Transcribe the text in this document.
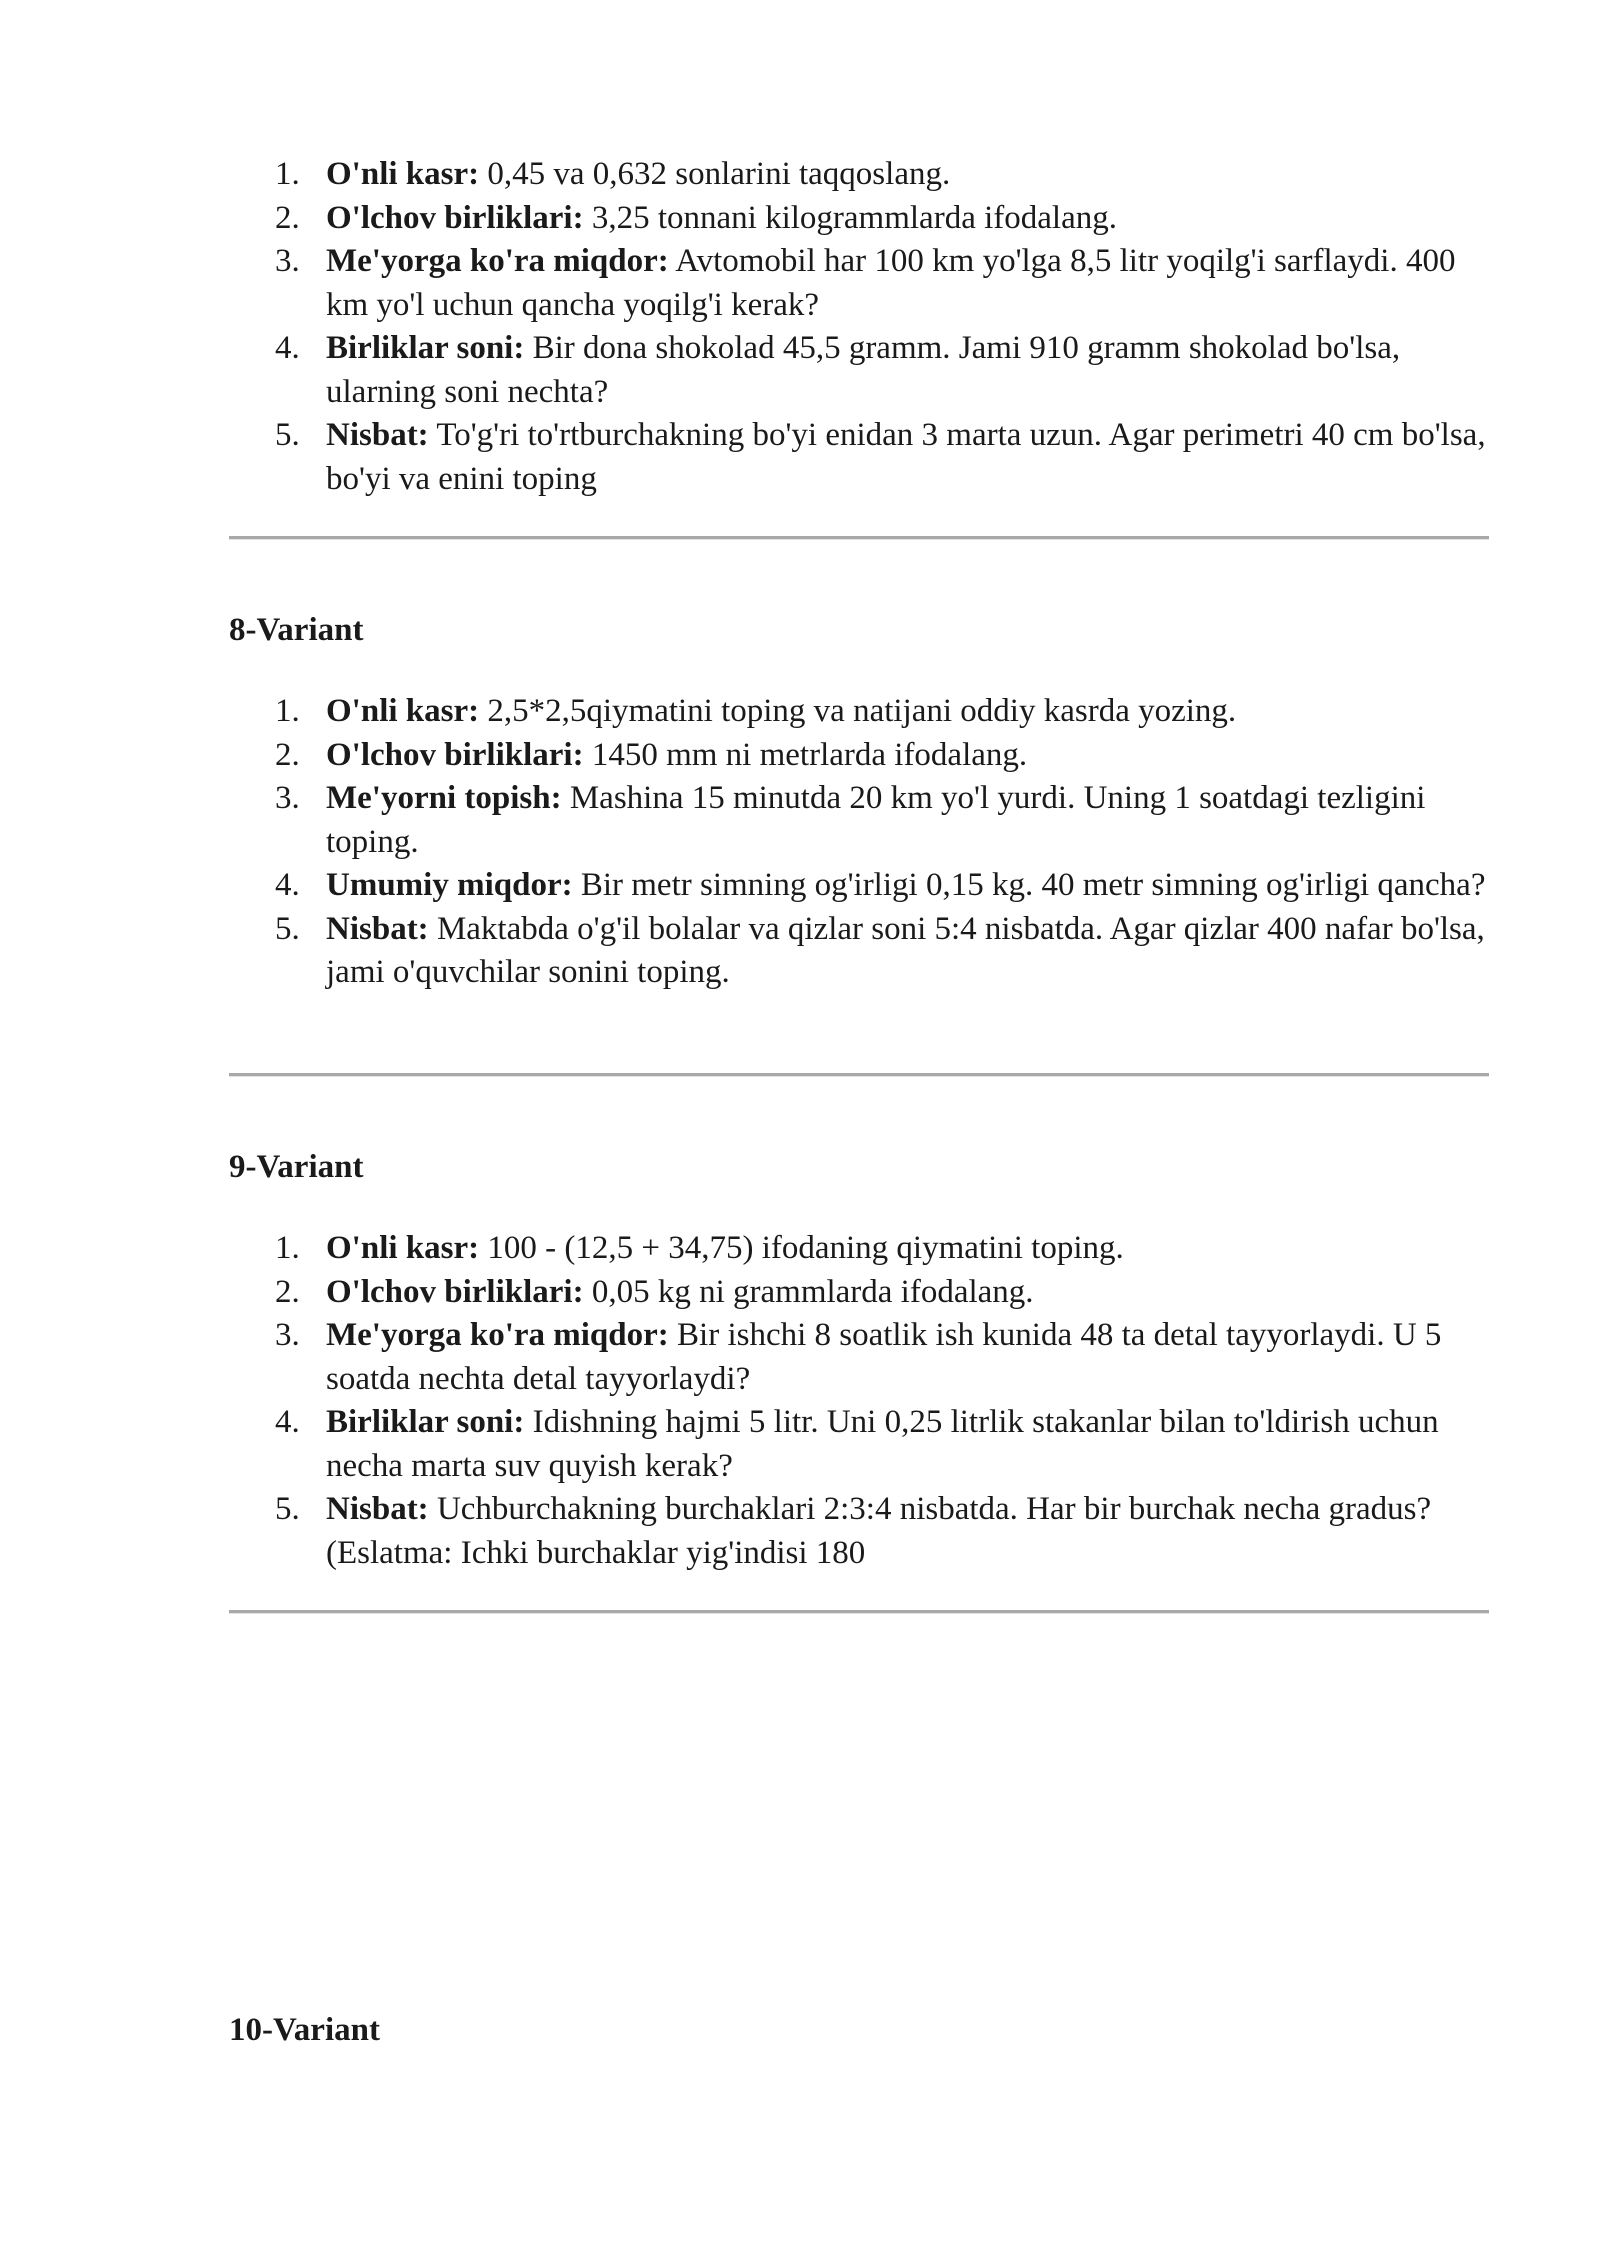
1. O'nli kasr: 0,45 va 0,632 sonlarini taqqoslang.
2. O'lchov birliklari: 3,25 tonnani kilogrammlarda ifodalang.
3. Me'yorga ko'ra miqdor: Avtomobil har 100 km yo'lga 8,5 litr yoqilg'i sarflaydi. 400 km yo'l uchun qancha yoqilg'i kerak?
4. Birliklar soni: Bir dona shokolad 45,5 gramm. Jami 910 gramm shokolad bo'lsa, ularning soni nechta?
5. Nisbat: To'g'ri to'rtburchakning bo'yi enidan 3 marta uzun. Agar perimetri 40 cm bo'lsa, bo'yi va enini toping
8-Variant
1. O'nli kasr: 2,5*2,5qiymatini toping va natijani oddiy kasrda yozing.
2. O'lchov birliklari: 1450 mm ni metrlarda ifodalang.
3. Me'yorni topish: Mashina 15 minutda 20 km yo'l yurdi. Uning 1 soatdagi tezligini toping.
4. Umumiy miqdor: Bir metr simning og'irligi 0,15 kg. 40 metr simning og'irligi qancha?
5. Nisbat: Maktabda o'g'il bolalar va qizlar soni 5:4 nisbatda. Agar qizlar 400 nafar bo'lsa, jami o'quvchilar sonini toping.
9-Variant
1. O'nli kasr: 100 - (12,5 + 34,75) ifodaning qiymatini toping.
2. O'lchov birliklari: 0,05 kg ni grammlarda ifodalang.
3. Me'yorga ko'ra miqdor: Bir ishchi 8 soatlik ish kunida 48 ta detal tayyorlaydi. U 5 soatda nechta detal tayyorlaydi?
4. Birliklar soni: Idishning hajmi 5 litr. Uni 0,25 litrlik stakanlar bilan to'ldirish uchun necha marta suv quyish kerak?
5. Nisbat: Uchburchakning burchaklari 2:3:4 nisbatda. Har bir burchak necha gradus? (Eslatma: Ichki burchaklar yig'indisi 180
10-Variant
